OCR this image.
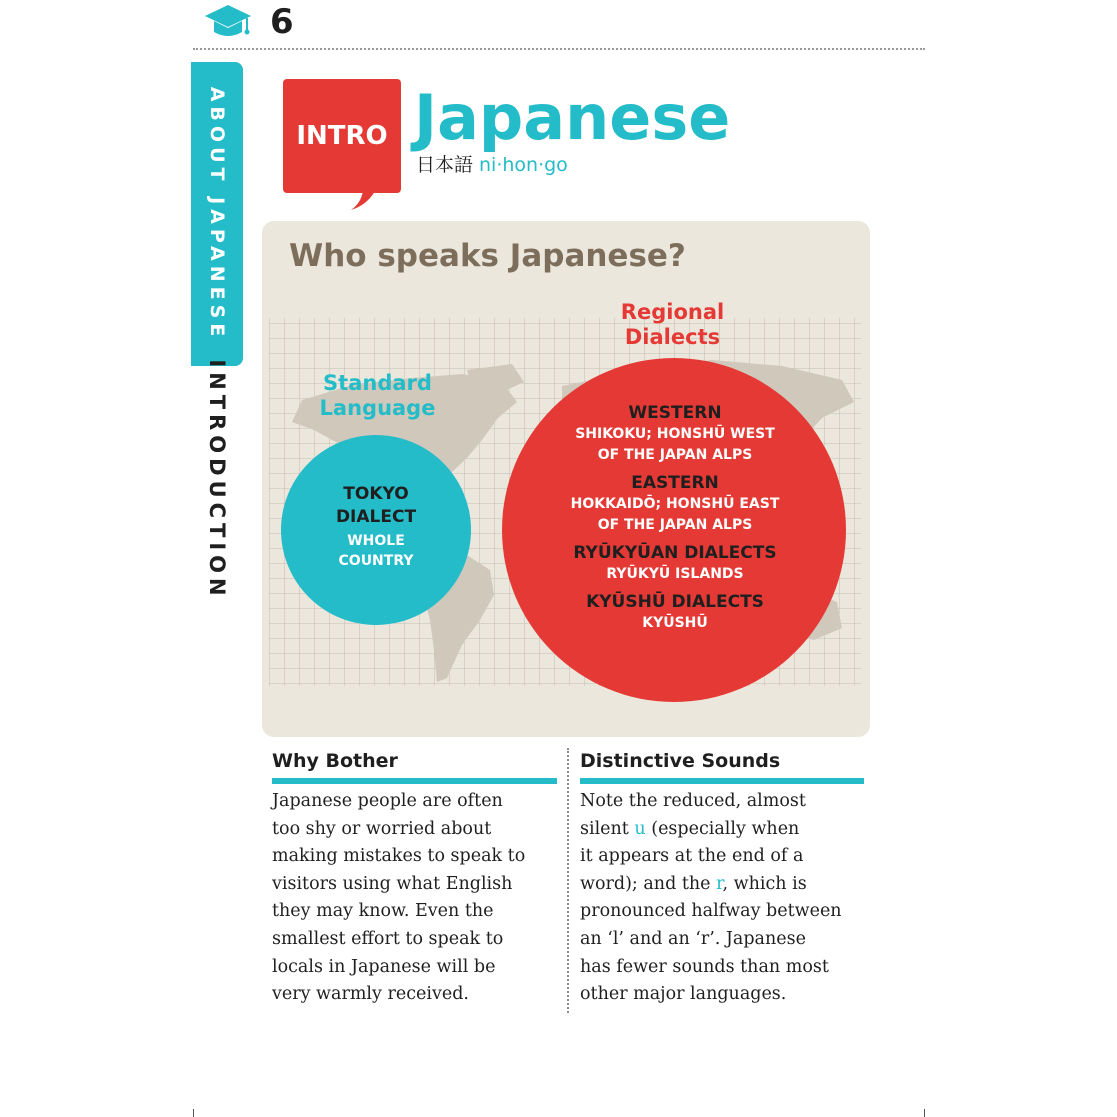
6
ABOUT JAPANESE
INTRODUCTION
INTRO Japanese
日本語 ni·hon·go
Who speaks Japanese?
Standard
Language
Regional
Dialects
TOKYO
DIALECT
WHOLE
COUNTRY
WESTERN
SHIKOKU; HONSHŪ WEST
OF THE JAPAN ALPS
EASTERN
HOKKAIDŌ; HONSHŪ EAST
OF THE JAPAN ALPS
RYŪKYŪAN DIALECTS
RYŪKYŪ ISLANDS
KYŪSHŪ DIALECTS
KYŪSHŪ
Why Bother
Japanese people are often
too shy or worried about
making mistakes to speak to
visitors using what English
they may know. Even the
smallest effort to speak to
locals in Japanese will be
very warmly received.
Distinctive Sounds
Note the reduced, almost
silent u (especially when
it appears at the end of a
word); and the r, which is
pronounced halfway between
an ‘l’ and an ‘r’. Japanese
has fewer sounds than most
other major languages.
